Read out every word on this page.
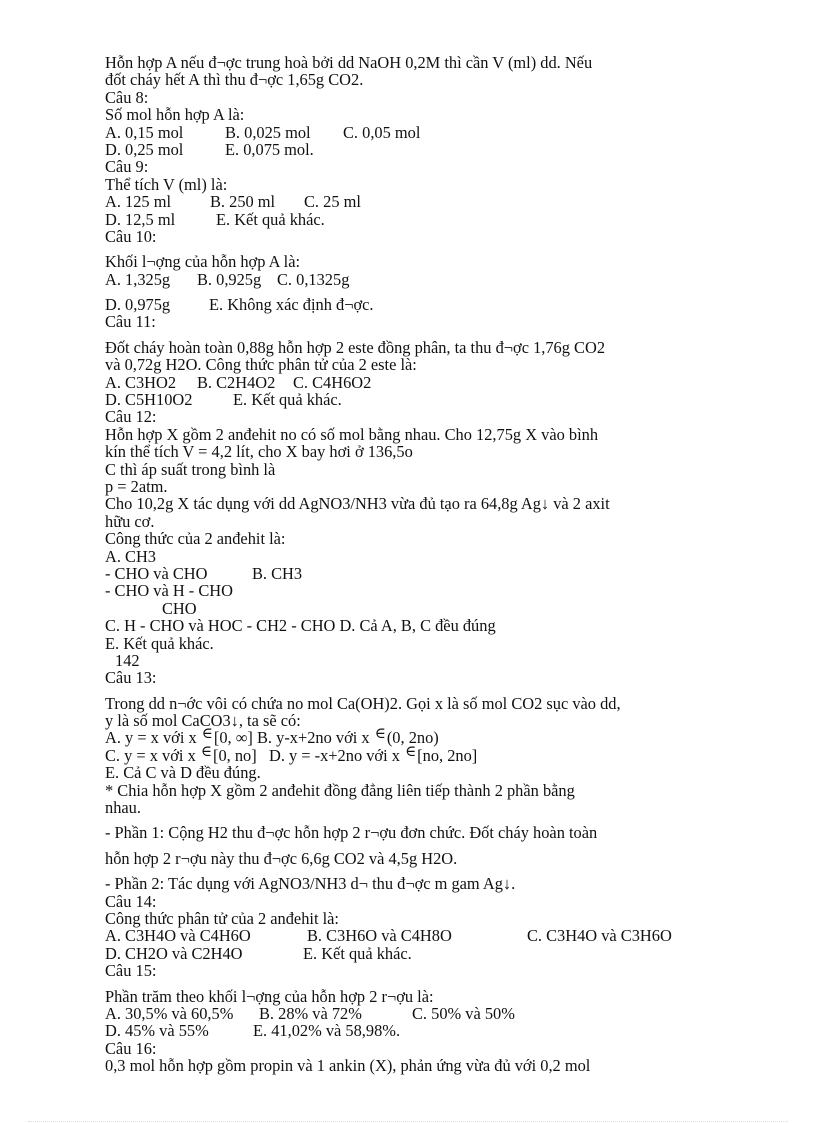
Hỗn hợp A nếu đ¬ợc trung hoà bởi dd NaOH 0,2M thì cần V (ml) dd. Nếu
đốt cháy hết A thì thu đ¬ợc 1,65g CO2.
Câu 8:
Số mol hỗn hợp A là:
A. 0,15 mol	B. 0,025 mol C. 0,05 mol
D. 0,25 mol	E. 0,075 mol.
Câu 9:
Thể tích V (ml) là:
A. 125 ml B. 250 ml C. 25 ml
D. 12,5 ml E. Kết quả khác.
Câu 10:
Khối l¬ợng của hỗn hợp A là:
A. 1,325g B. 0,925g C. 0,1325g
D. 0,975g E. Không xác định đ¬ợc.
Câu 11:
Đốt cháy hoàn toàn 0,88g hỗn hợp 2 este đồng phân, ta thu đ¬ợc 1,76g CO2
và 0,72g H2O. Công thức phân tử của 2 este là:
A. C3HO2 B. C2H4O2 C. C4H6O2
D. C5H10O2 E. Kết quả khác.
Câu 12:
Hỗn hợp X gồm 2 anđehit no có số mol bằng nhau. Cho 12,75g X vào bình
kín thể tích V = 4,2 lít, cho X bay hơi ở 136,5o
C thì áp suất trong bình là
p = 2atm.
Cho 10,2g X tác dụng với dd AgNO3/NH3 vừa đủ tạo ra 64,8g Ag↓ và 2 axit
hữu cơ.
Công thức của 2 anđehit là:
A. CH3
- CHO và CHO	B. CH3
- CHO và H - CHO
CHO
C. H - CHO và HOC - CH2 - CHO D. Cả A, B, C đều đúng
E. Kết quả khác.
142
Câu 13:
Trong dd n¬ớc vôi có chứa no mol Ca(OH)2. Gọi x là số mol CO2 sục vào dd,
y là số mol CaCO3↓, ta sẽ có:
A. y = x với x ∈[0, ∞] B. y-x+2no với x ∈(0, 2no)
C. y = x với x ∈[0, no] D. y = -x+2no với x ∈[no, 2no]
E. Cả C và D đều đúng.
* Chia hỗn hợp X gồm 2 anđehit đồng đẳng liên tiếp thành 2 phần bằng
nhau.
- Phần 1: Cộng H2 thu đ¬ợc hỗn hợp 2 r¬ợu đơn chức. Đốt cháy hoàn toàn
hỗn hợp 2 r¬ợu này thu đ¬ợc 6,6g CO2 và 4,5g H2O.
- Phần 2: Tác dụng với AgNO3/NH3 d¬ thu đ¬ợc m gam Ag↓.
Câu 14:
Công thức phân tử của 2 anđehit là:
A. C3H4O và C4H6O	B. C3H6O và C4H8O	C. C3H4O và C3H6O
D. CH2O và C2H4O	E. Kết quả khác.
Câu 15:
Phần trăm theo khối l¬ợng của hỗn hợp 2 r¬ợu là:
A. 30,5% và 60,5% B. 28% và 72%	C. 50% và 50%
D. 45% và 55%	E. 41,02% và 58,98%.
Câu 16:
0,3 mol hỗn hợp gồm propin và 1 ankin (X), phản ứng vừa đủ với 0,2 mol
